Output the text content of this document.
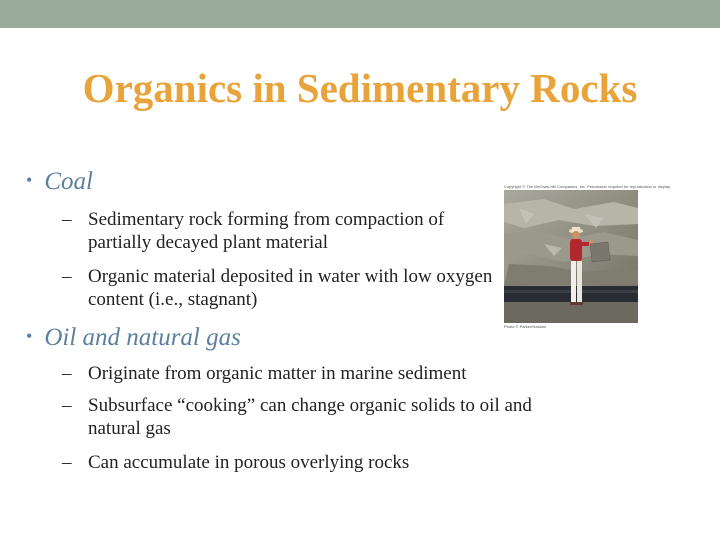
Organics in Sedimentary Rocks
• Coal
– Sedimentary rock forming from compaction of partially decayed plant material
– Organic material deposited in water with low oxygen content (i.e., stagnant)
Copyright © The McGraw-Hill Companies, Inc. Permission required for reproduction or display.
Photo © Parker/Haslam
• Oil and natural gas
– Originate from organic matter in marine sediment
– Subsurface “cooking” can change organic solids to oil and natural gas
– Can accumulate in porous overlying rocks
